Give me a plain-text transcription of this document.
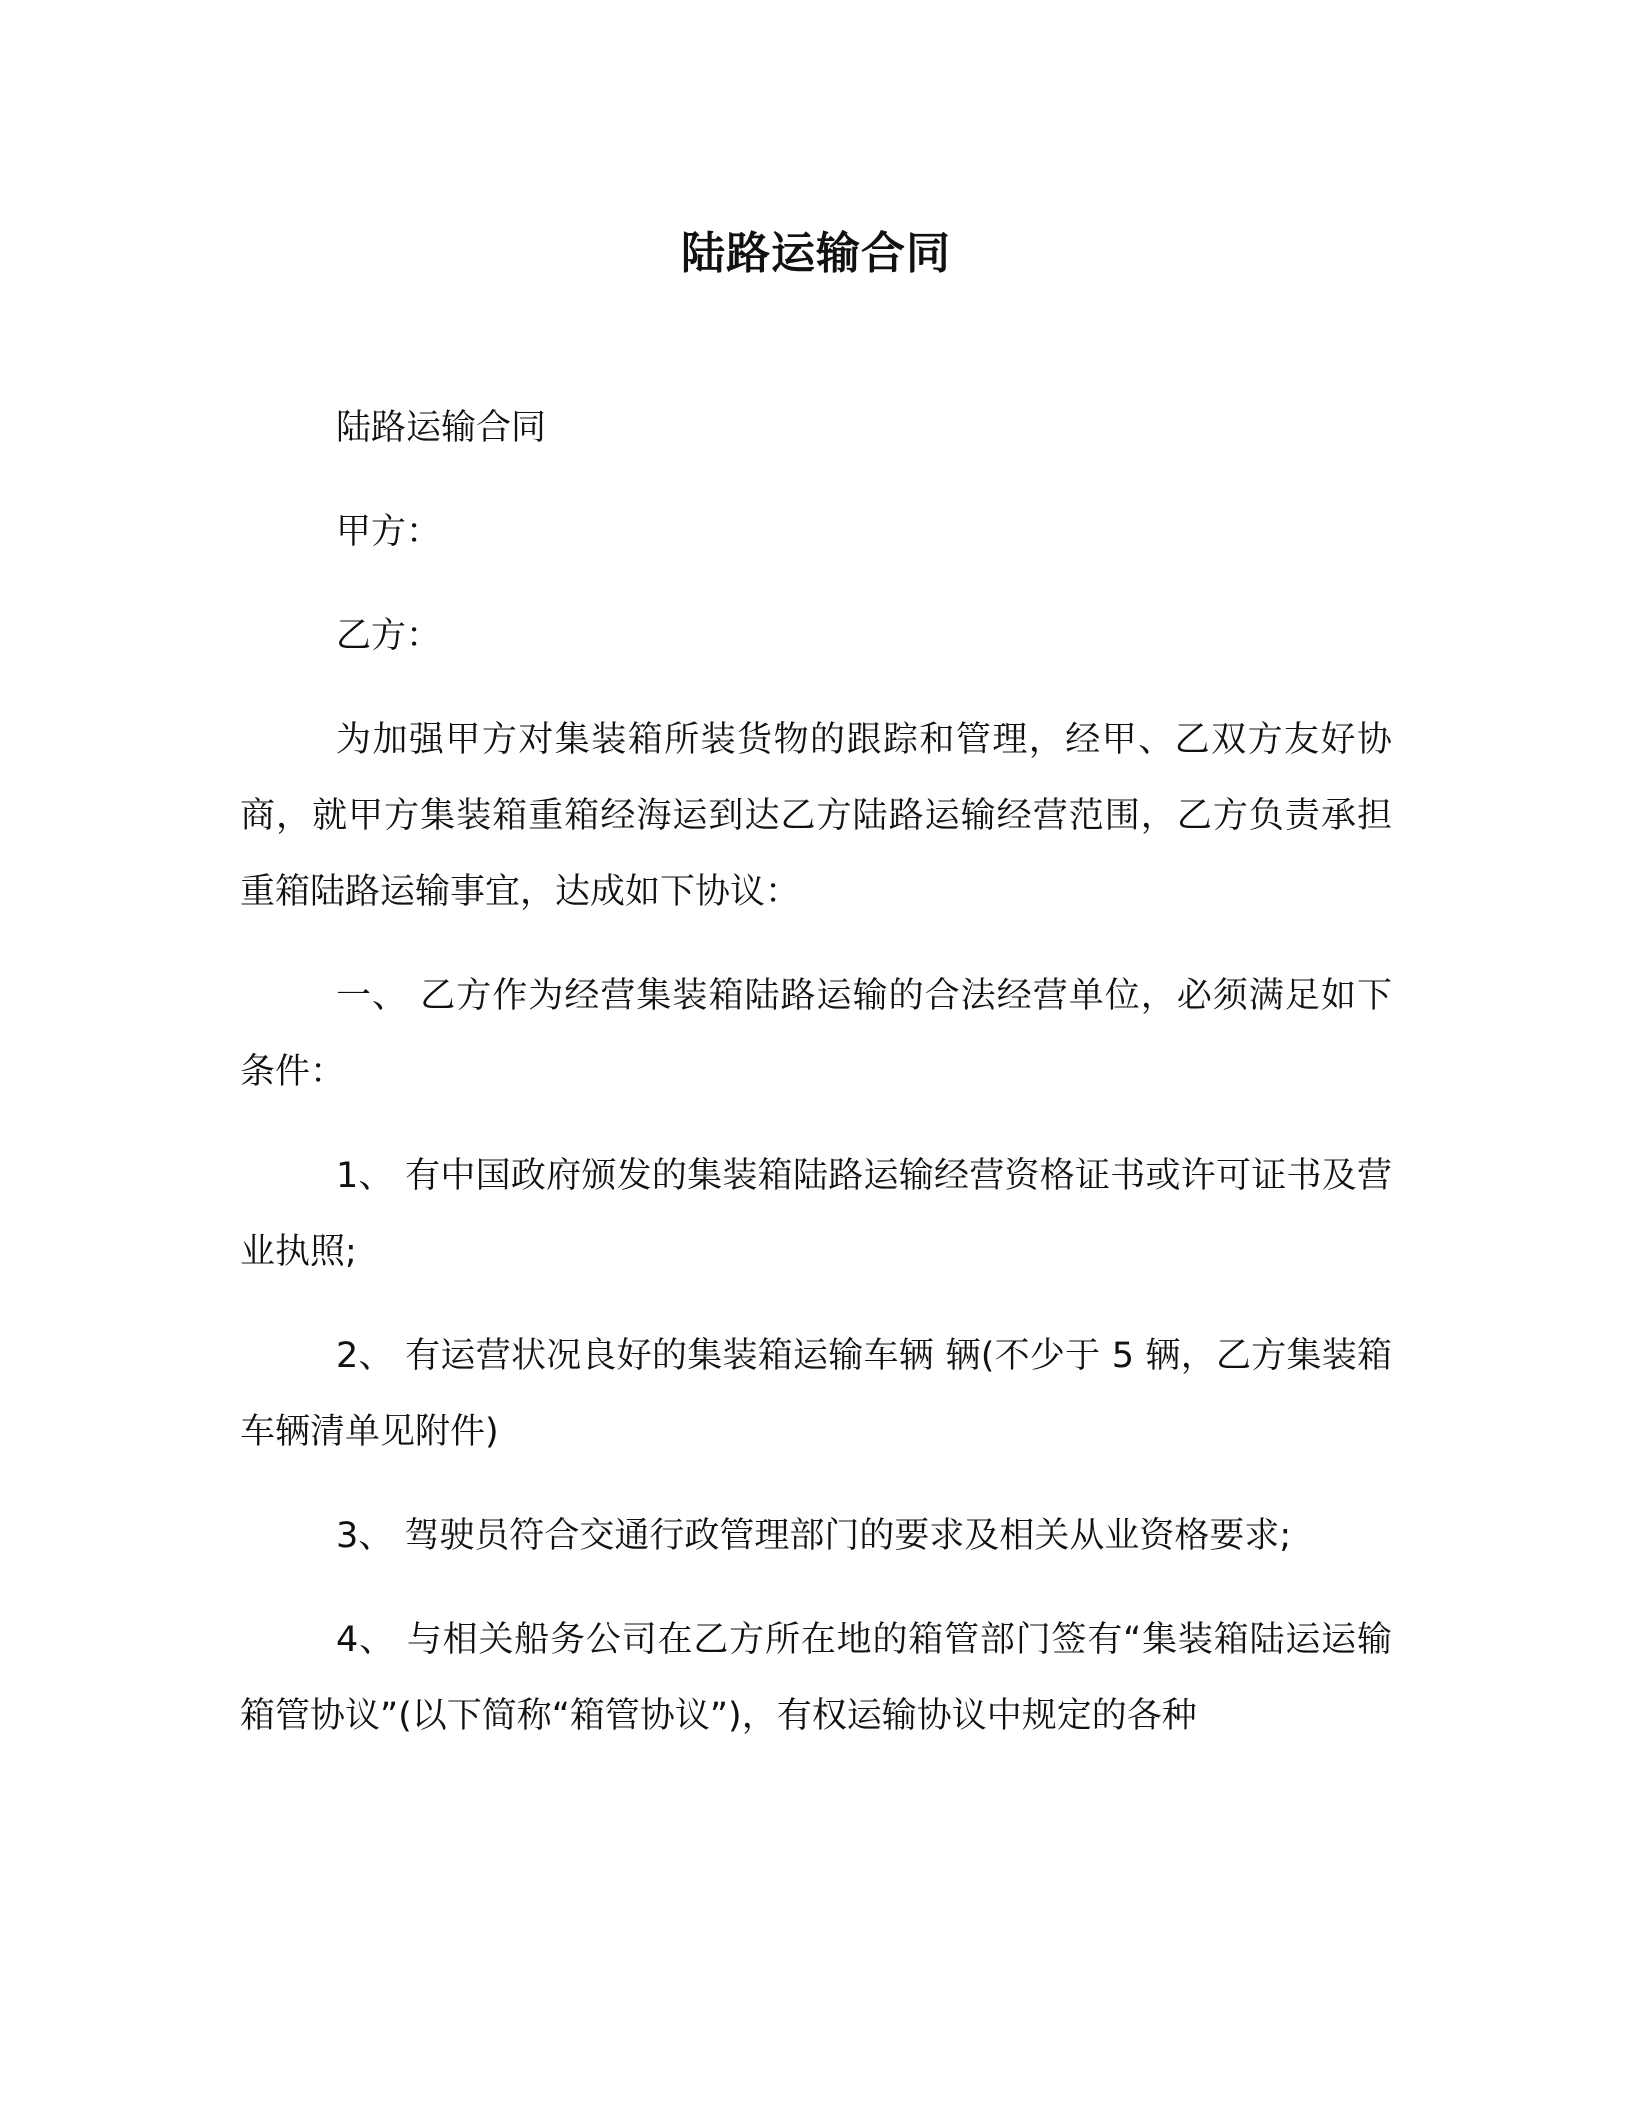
陆路运输合同

陆路运输合同

甲方：

乙方：

为加强甲方对集装箱所装货物的跟踪和管理，经甲、乙双方友好协商，就甲方集装箱重箱经海运到达乙方陆路运输经营范围，乙方负责承担重箱陆路运输事宜，达成如下协议：

一、 乙方作为经营集装箱陆路运输的合法经营单位，必须满足如下条件：

1、 有中国政府颁发的集装箱陆路运输经营资格证书或许可证书及营业执照;

2、 有运营状况良好的集装箱运输车辆 辆(不少于 5 辆，乙方集装箱车辆清单见附件)

3、 驾驶员符合交通行政管理部门的要求及相关从业资格要求;

4、 与相关船务公司在乙方所在地的箱管部门签有“集装箱陆运运输箱管协议”(以下简称“箱管协议”)，有权运输协议中规定的各种
